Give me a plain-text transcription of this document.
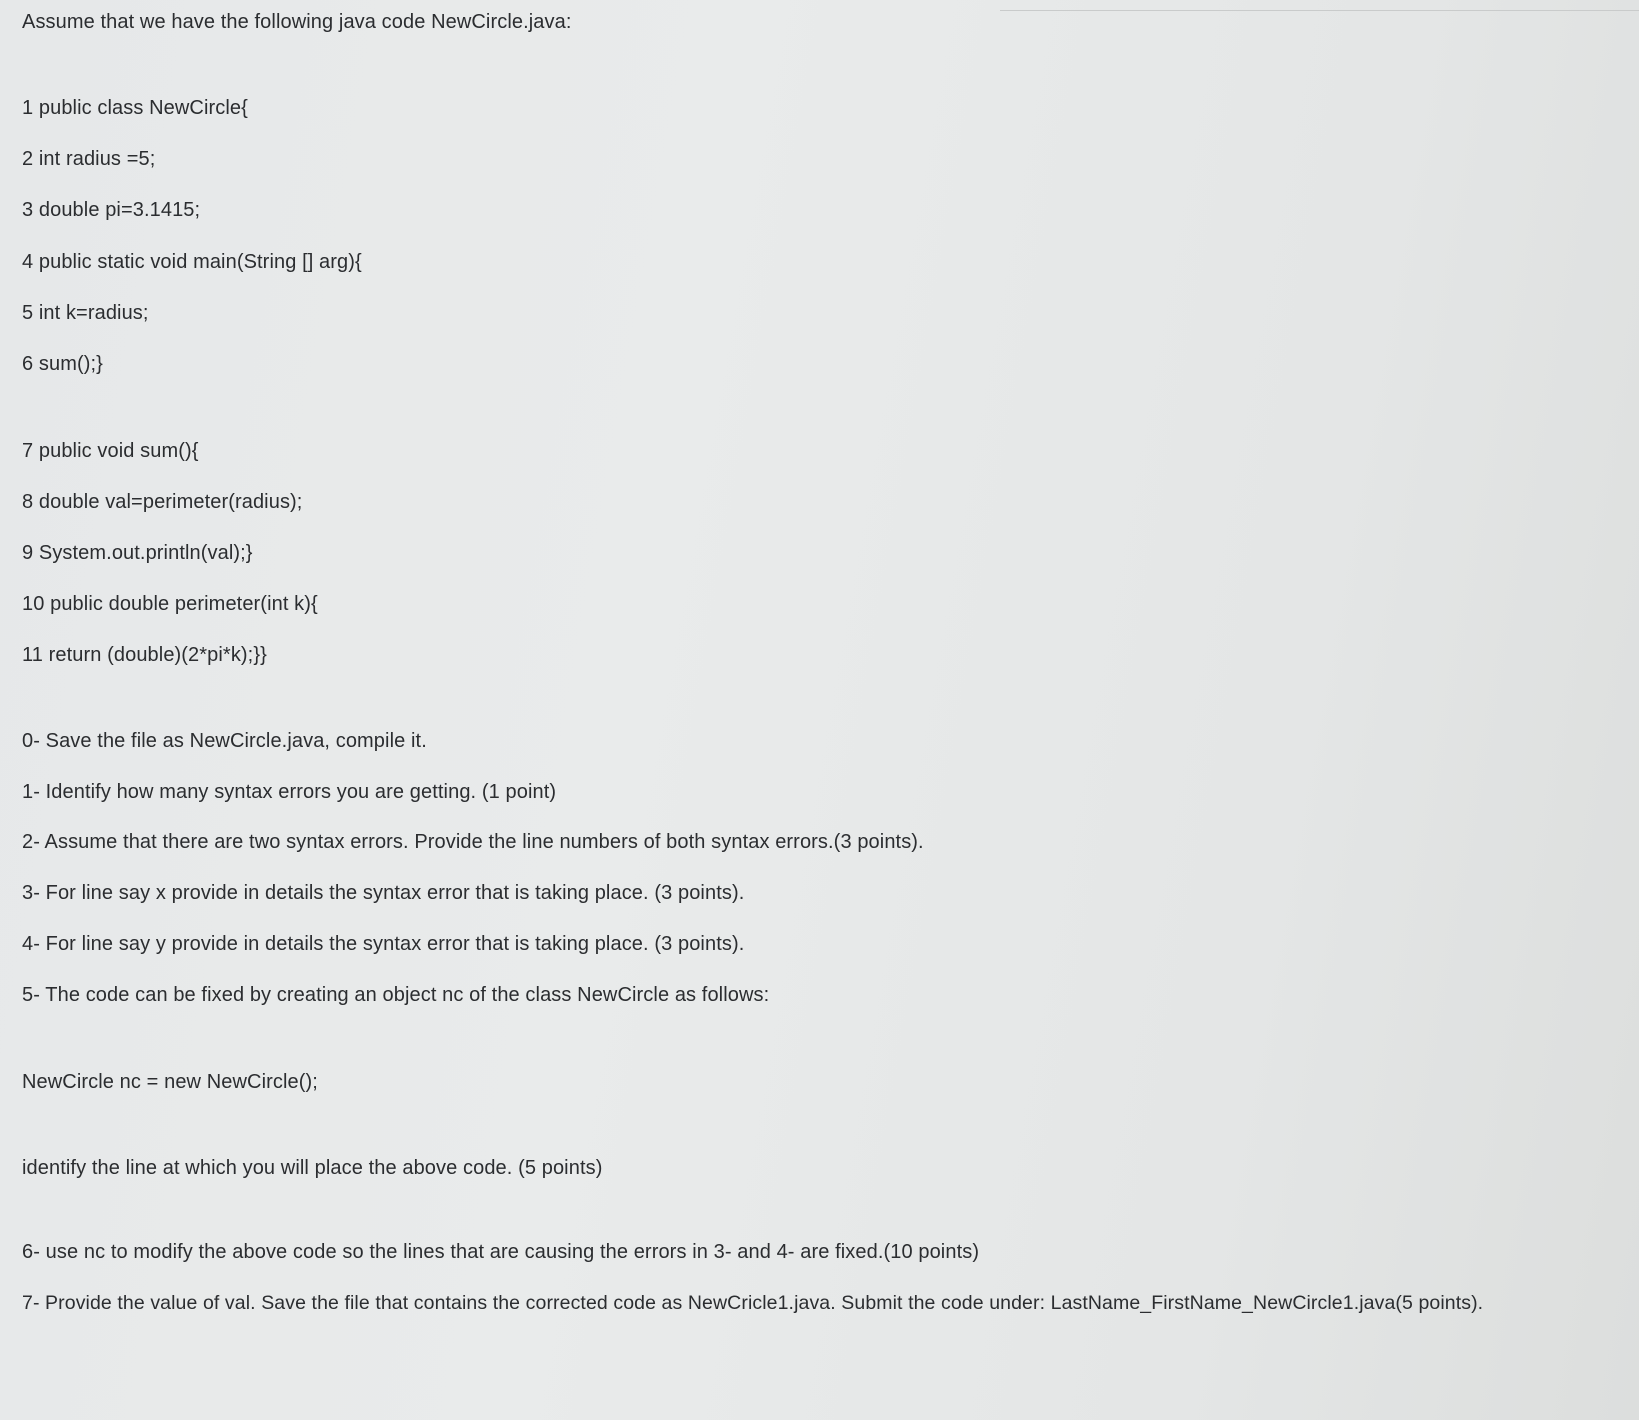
Assume that we have the following java code NewCircle.java:

1 public class NewCircle{

2 int radius =5;

3 double pi=3.1415;

4 public static void main(String [] arg){

5 int k=radius;

6 sum();}

7 public void sum(){

8 double val=perimeter(radius);

9 System.out.println(val);}

10 public double perimeter(int k){

11 return (double)(2*pi*k);}}

0- Save the file as NewCircle.java, compile it.

1- Identify how many syntax errors you are getting. (1 point)

2- Assume that there are two syntax errors. Provide the line numbers of both syntax errors.(3 points).

3- For line say x provide in details the syntax error that is taking place. (3 points).

4- For line say y provide in details the syntax error that is taking place. (3 points).

5- The code can be fixed by creating an object nc of the class NewCircle as follows:

NewCircle nc = new NewCircle();

identify the line at which you will place the above code. (5 points)

6- use nc to modify the above code so the lines that are causing the errors in 3- and 4- are fixed.(10 points)

7- Provide the value of val. Save the file that contains the corrected code as NewCricle1.java. Submit the code under: LastName_FirstName_NewCircle1.java(5 points).
